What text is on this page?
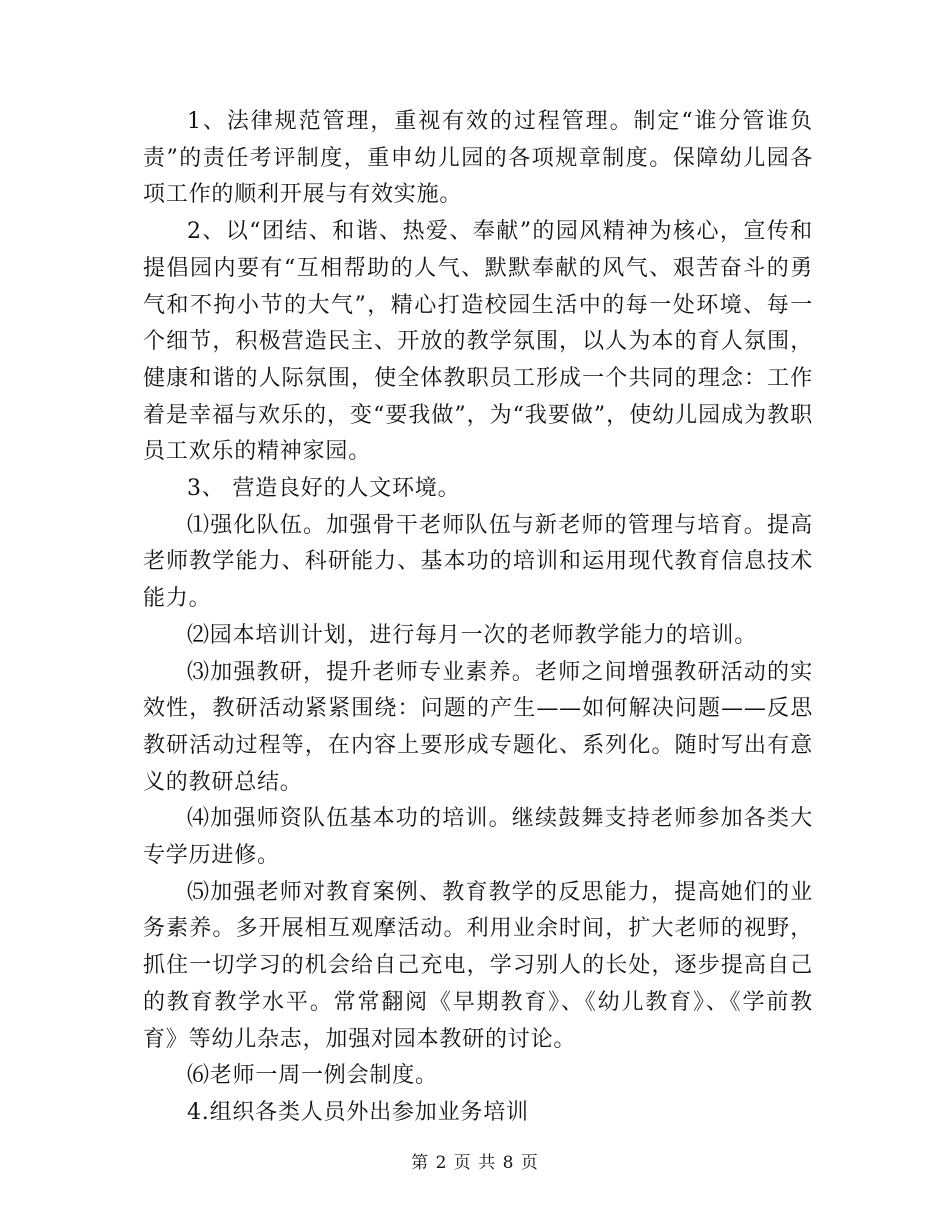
1、法律规范管理，重视有效的过程管理。制定“谁分管谁负责”的责任考评制度，重申幼儿园的各项规章制度。保障幼儿园各项工作的顺利开展与有效实施。

2、以“团结、和谐、热爱、奉献”的园风精神为核心，宣传和提倡园内要有“互相帮助的人气、默默奉献的风气、艰苦奋斗的勇气和不拘小节的大气”，精心打造校园生活中的每一处环境、每一个细节，积极营造民主、开放的教学氛围，以人为本的育人氛围，健康和谐的人际氛围，使全体教职员工形成一个共同的理念：工作着是幸福与欢乐的，变“要我做”，为“我要做”，使幼儿园成为教职员工欢乐的精神家园。

3、 营造良好的人文环境。

⑴强化队伍。加强骨干老师队伍与新老师的管理与培育。提高老师教学能力、科研能力、基本功的培训和运用现代教育信息技术能力。

⑵园本培训计划，进行每月一次的老师教学能力的培训。

⑶加强教研，提升老师专业素养。老师之间增强教研活动的实效性，教研活动紧紧围绕：问题的产生——如何解决问题——反思教研活动过程等，在内容上要形成专题化、系列化。随时写出有意义的教研总结。

⑷加强师资队伍基本功的培训。继续鼓舞支持老师参加各类大专学历进修。

⑸加强老师对教育案例、教育教学的反思能力，提高她们的业务素养。多开展相互观摩活动。利用业余时间，扩大老师的视野，抓住一切学习的机会给自己充电，学习别人的长处，逐步提高自己的教育教学水平。常常翻阅《早期教育》、《幼儿教育》、《学前教育》等幼儿杂志，加强对园本教研的讨论。

⑹老师一周一例会制度。

4.组织各类人员外出参加业务培训

第 2 页 共 8 页
